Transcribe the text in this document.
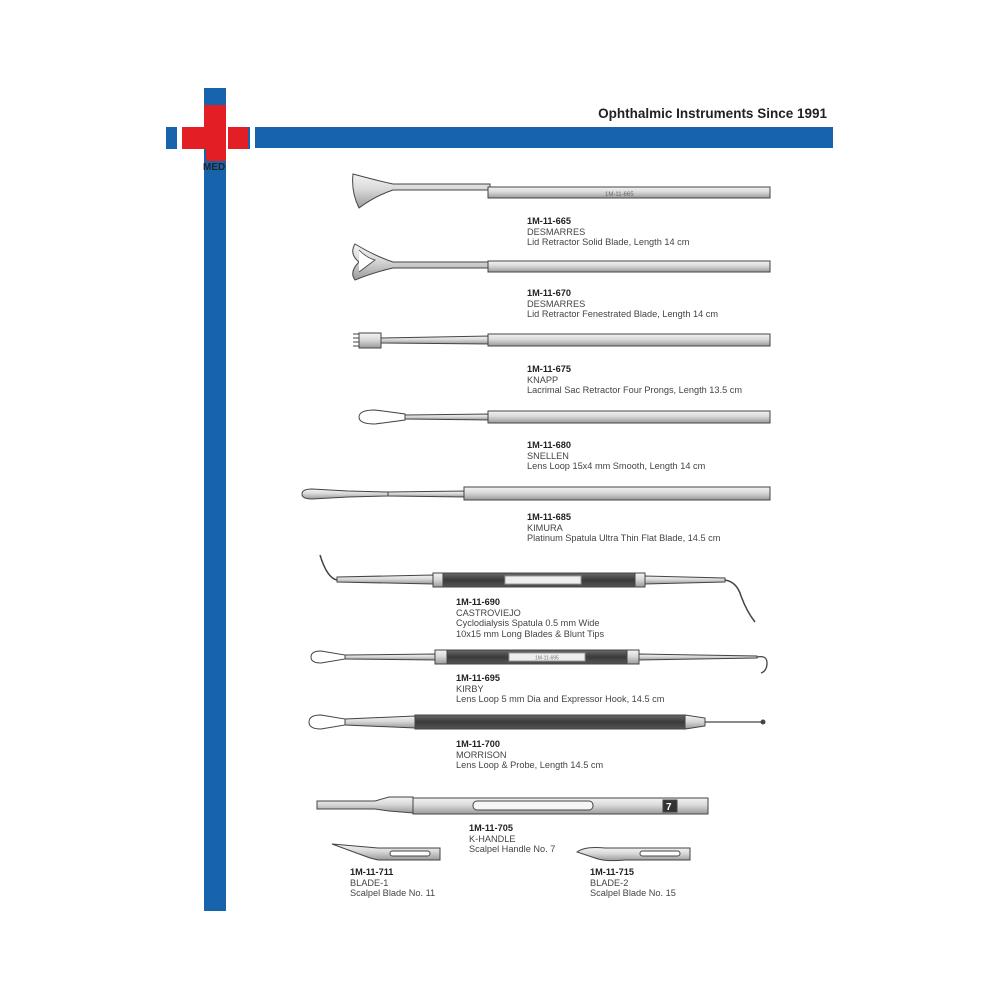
MED
Ophthalmic Instruments Since 1991
1M-11-665
1M-11-665
DESMARRES
Lid Retractor Solid Blade, Length 14 cm
1M-11-670
DESMARRES
Lid Retractor Fenestrated Blade, Length 14 cm
1M-11-675
KNAPP
Lacrimal Sac Retractor Four Prongs, Length 13.5 cm
1M-11-680
SNELLEN
Lens Loop 15x4 mm Smooth, Length 14 cm
1M-11-685
KIMURA
Platinum Spatula Ultra Thin Flat Blade, 14.5 cm
1M-11-690
CASTROVIEJO
Cyclodialysis Spatula 0.5 mm Wide
10x15 mm Long Blades & Blunt Tips
1M-11-695
1M-11-695
KIRBY
Lens Loop 5 mm Dia and Expressor Hook, 14.5 cm
1M-11-700
MORRISON
Lens Loop & Probe, Length 14.5 cm
7
1M-11-705
K-HANDLE
Scalpel Handle No. 7
1M-11-711
BLADE-1
Scalpel Blade No. 11
1M-11-715
BLADE-2
Scalpel Blade No. 15
